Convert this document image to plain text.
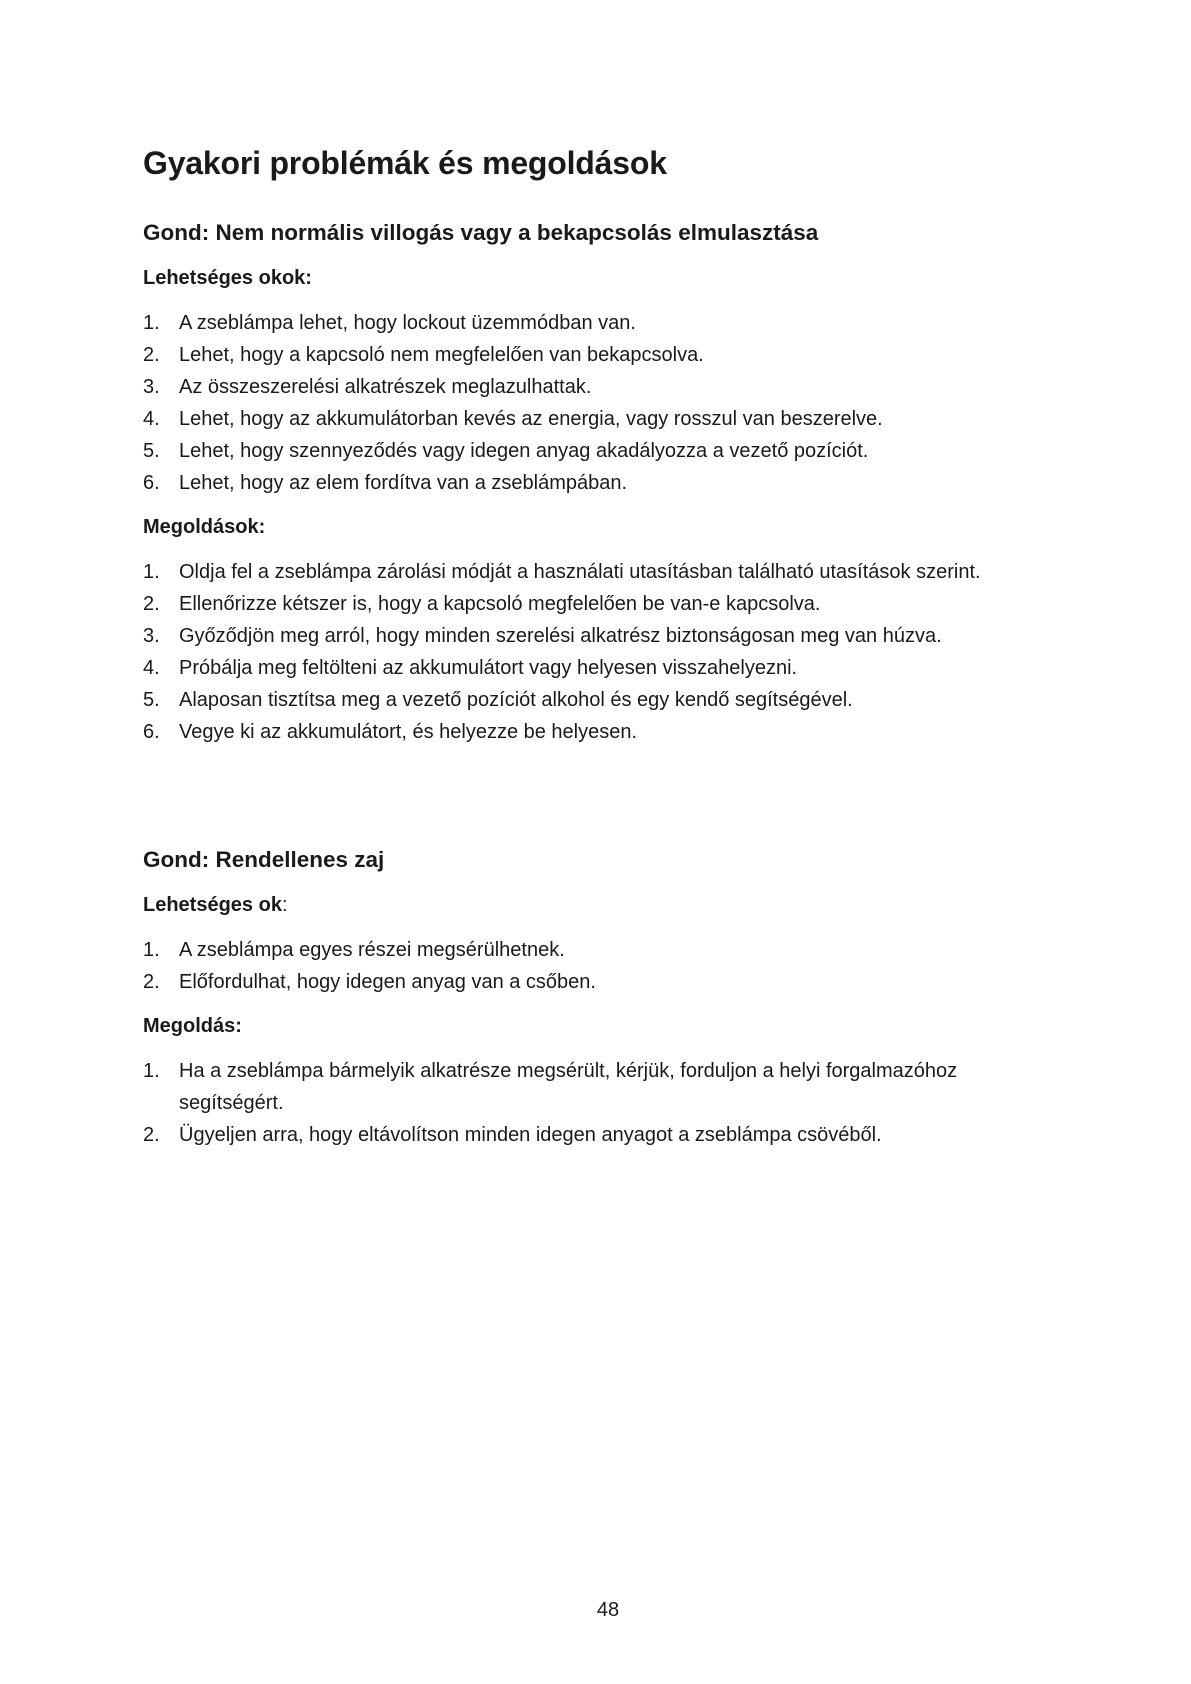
Gyakori problémák és megoldások
Gond: Nem normális villogás vagy a bekapcsolás elmulasztása
Lehetséges okok:
1. A zseblámpa lehet, hogy lockout üzemmódban van.
2. Lehet, hogy a kapcsoló nem megfelelően van bekapcsolva.
3. Az összeszerelési alkatrészek meglazulhattak.
4. Lehet, hogy az akkumulátorban kevés az energia, vagy rosszul van beszerelve.
5. Lehet, hogy szennyeződés vagy idegen anyag akadályozza a vezető pozíciót.
6. Lehet, hogy az elem fordítva van a zseblámpában.
Megoldások:
1. Oldja fel a zseblámpa zárolási módját a használati utasításban található utasítások szerint.
2. Ellenőrizze kétszer is, hogy a kapcsoló megfelelően be van-e kapcsolva.
3. Győződjön meg arról, hogy minden szerelési alkatrész biztonságosan meg van húzva.
4. Próbálja meg feltölteni az akkumulátort vagy helyesen visszahelyezni.
5. Alaposan tisztítsa meg a vezető pozíciót alkohol és egy kendő segítségével.
6. Vegye ki az akkumulátort, és helyezze be helyesen.
Gond: Rendellenes zaj
Lehetséges ok:
1. A zseblámpa egyes részei megsérülhetnek.
2. Előfordulhat, hogy idegen anyag van a csőben.
Megoldás:
1. Ha a zseblámpa bármelyik alkatrésze megsérült, kérjük, forduljon a helyi forgalmazóhoz segítségért.
2. Ügyeljen arra, hogy eltávolítson minden idegen anyagot a zseblámpa csövéből.
48
